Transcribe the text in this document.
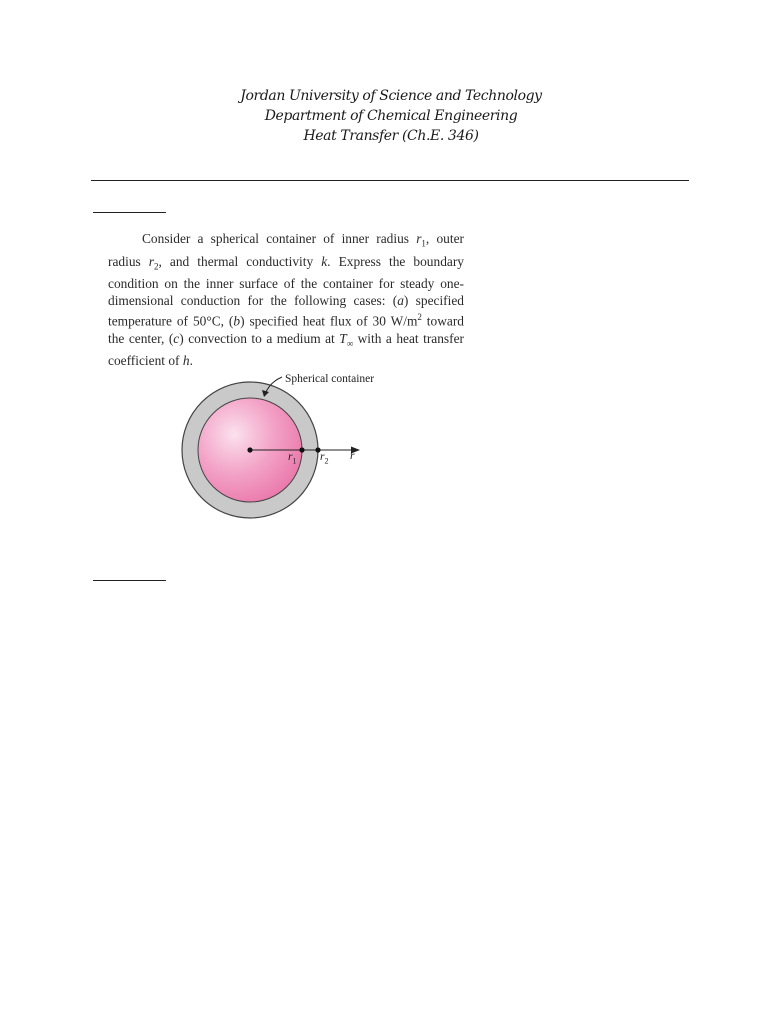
Jordan University of Science and Technology
Department of Chemical Engineering
Heat Transfer (Ch.E. 346)
Consider a spherical container of inner radius $r_1$, outer radius $r_2$, and thermal conductivity k. Express the boundary condition on the inner surface of the container for steady one-dimensional conduction for the following cases: (a) specified temperature of 50°C, (b) specified heat flux of 30 $W/m^2$ toward the center, (c) convection to a medium at $T_\infty$ with a heat transfer coefficient of h.
Spherical container
$r_1$ $r_2$ r
